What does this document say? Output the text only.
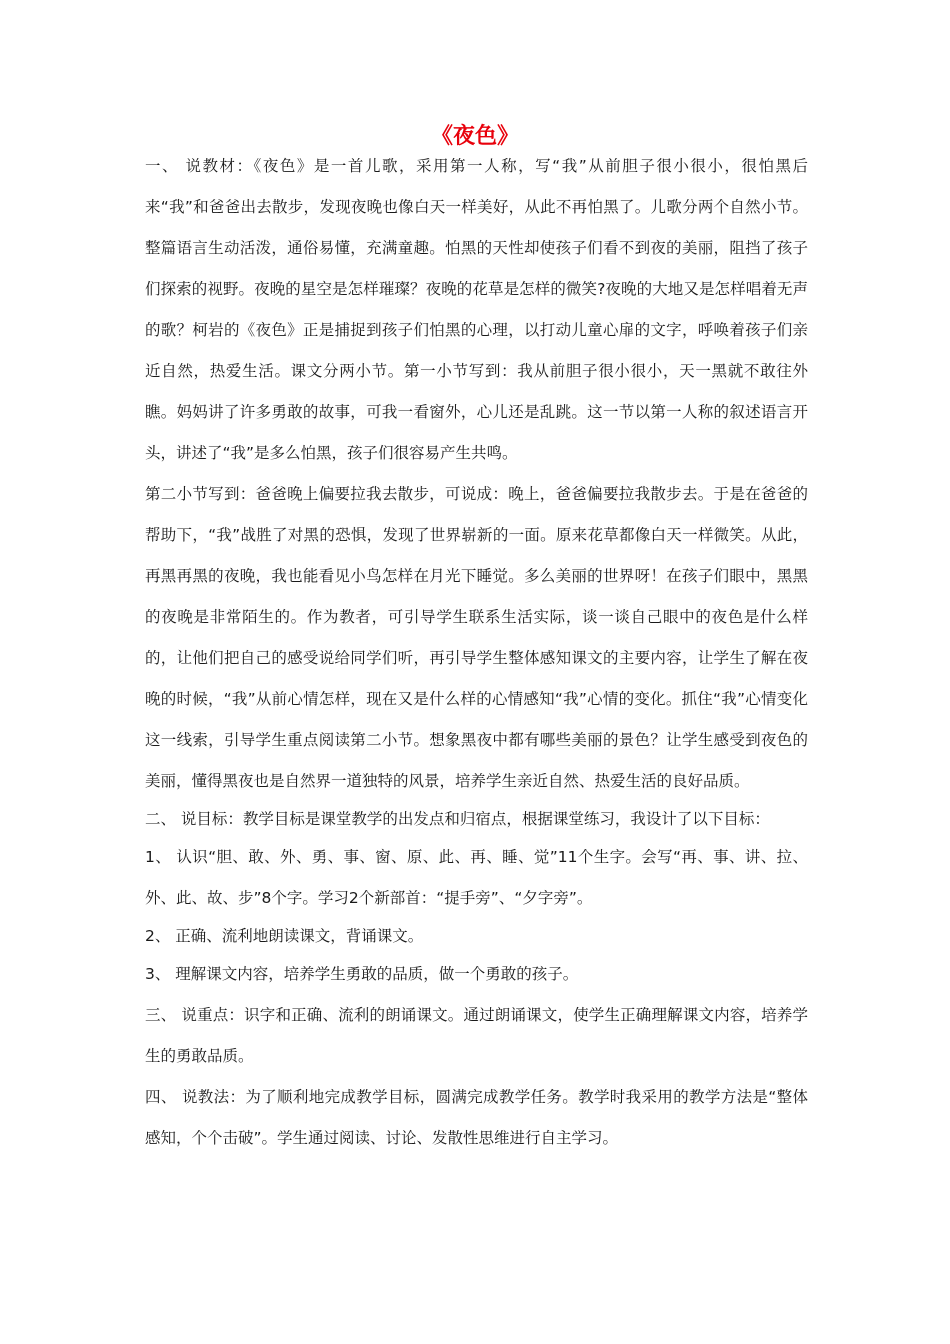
《夜色》

一、 说教材：《夜色》是一首儿歌，采用第一人称，写“我”从前胆子很小很小，很怕黑后来“我”和爸爸出去散步，发现夜晚也像白天一样美好，从此不再怕黑了。儿歌分两个自然小节。整篇语言生动活泼，通俗易懂，充满童趣。怕黑的天性却使孩子们看不到夜的美丽，阻挡了孩子们探索的视野。夜晚的星空是怎样璀璨？夜晚的花草是怎样的微笑?夜晚的大地又是怎样唱着无声的歌？柯岩的《夜色》正是捕捉到孩子们怕黑的心理，以打动儿童心扉的文字，呼唤着孩子们亲近自然，热爱生活。课文分两小节。第一小节写到：我从前胆子很小很小，天一黑就不敢往外瞧。妈妈讲了许多勇敢的故事，可我一看窗外，心儿还是乱跳。这一节以第一人称的叙述语言开头，讲述了“我”是多么怕黑，孩子们很容易产生共鸣。

第二小节写到：爸爸晚上偏要拉我去散步，可说成：晚上，爸爸偏要拉我散步去。于是在爸爸的帮助下，“我”战胜了对黑的恐惧，发现了世界崭新的一面。原来花草都像白天一样微笑。从此，再黑再黑的夜晚，我也能看见小鸟怎样在月光下睡觉。多么美丽的世界呀！在孩子们眼中，黑黑的夜晚是非常陌生的。作为教者，可引导学生联系生活实际，谈一谈自己眼中的夜色是什么样的，让他们把自己的感受说给同学们听，再引导学生整体感知课文的主要内容，让学生了解在夜晚的时候，“我”从前心情怎样，现在又是什么样的心情感知“我”心情的变化。抓住“我”心情变化这一线索，引导学生重点阅读第二小节。想象黑夜中都有哪些美丽的景色？让学生感受到夜色的美丽，懂得黑夜也是自然界一道独特的风景，培养学生亲近自然、热爱生活的良好品质。

二、 说目标：教学目标是课堂教学的出发点和归宿点，根据课堂练习，我设计了以下目标：

1、 认识“胆、敢、外、勇、事、窗、原、此、再、睡、觉”11个生字。会写“再、事、讲、拉、外、此、故、步”8个字。学习2个新部首：“提手旁”、“夕字旁”。

2、 正确、流利地朗读课文，背诵课文。

3、 理解课文内容，培养学生勇敢的品质，做一个勇敢的孩子。

三、 说重点：识字和正确、流利的朗诵课文。通过朗诵课文，使学生正确理解课文内容，培养学生的勇敢品质。

四、 说教法：为了顺利地完成教学目标，圆满完成教学任务。教学时我采用的教学方法是“整体感知，个个击破”。学生通过阅读、讨论、发散性思维进行自主学习。
